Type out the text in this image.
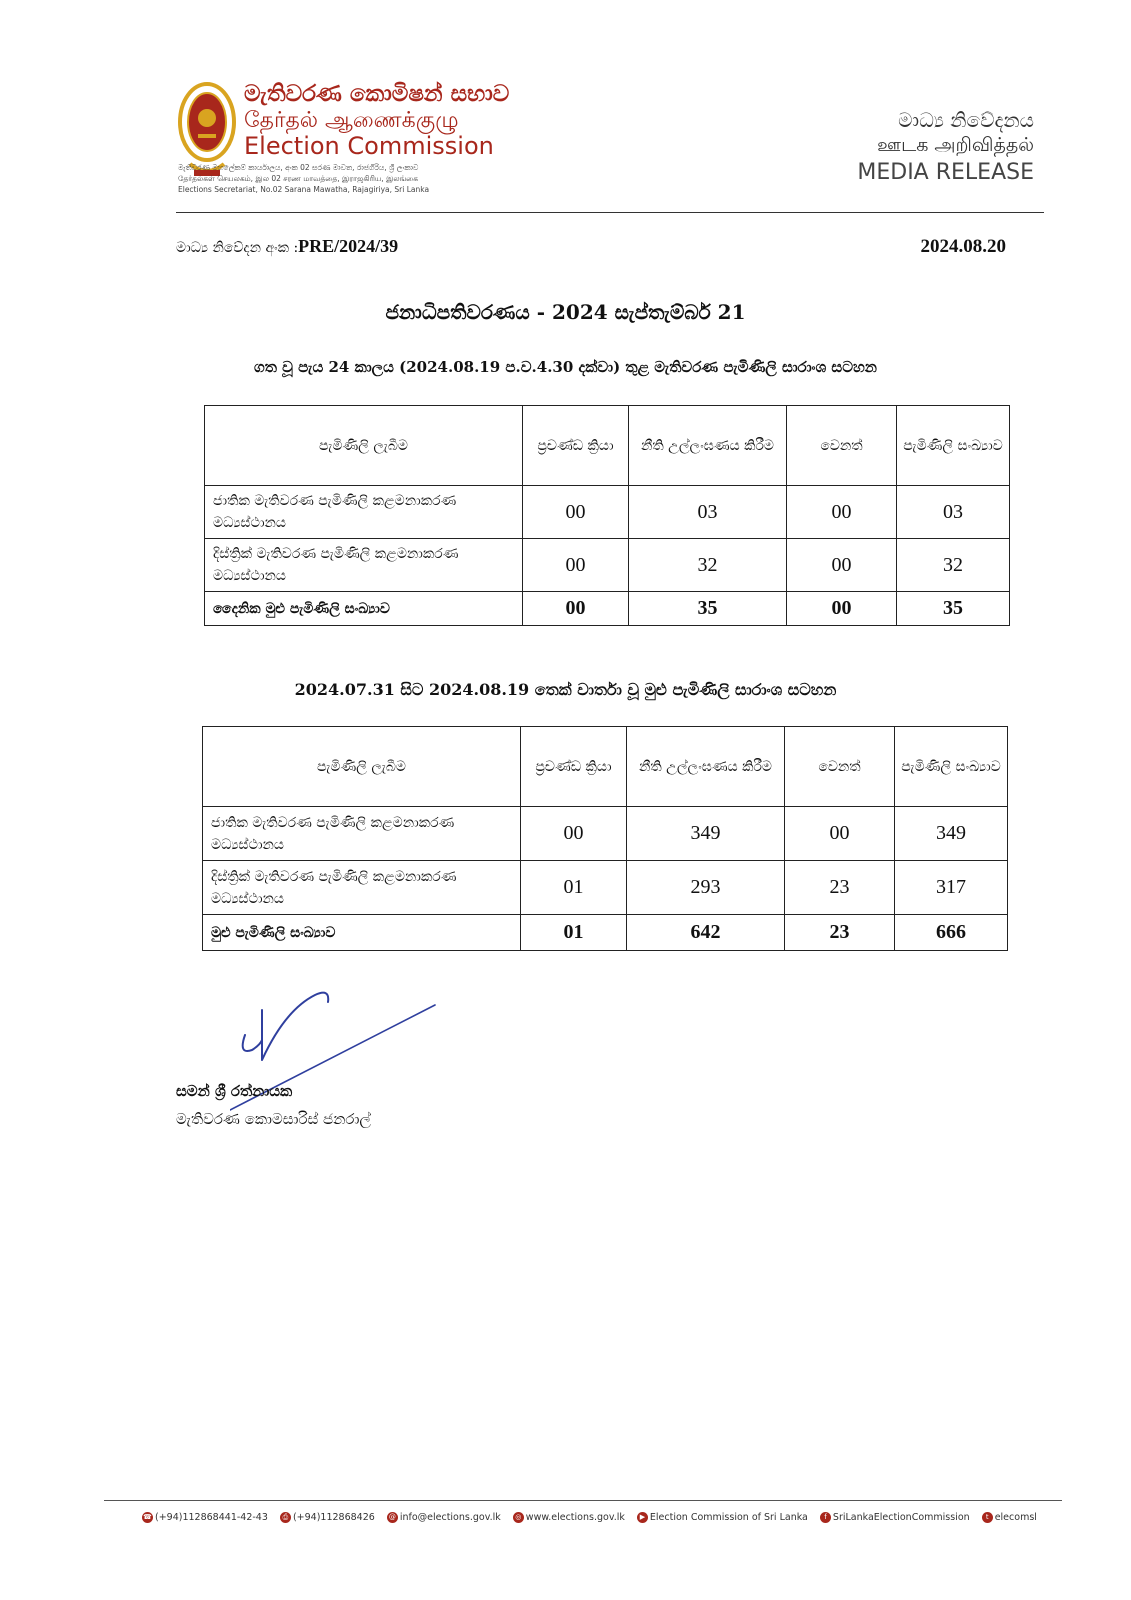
මැතිවරණ කොමිෂන් සභාව
தேர்தல் ஆணைக்குழு
Election Commission
මැතිවරණ මහලේකම් කාර්යාලය, අංක 02 සරණ මාවත, රාජගිරිය, ශ්‍රී ලංකාව
தேர்தல்கள் செயலகம், இல 02 சரண மாவத்தை, இராஜகிரிய, இலங்கை
Elections Secretariat, No.02 Sarana Mawatha, Rajagiriya, Sri Lanka
මාධ්‍ය නිවේදනය
ஊடக அறிவித்தல்
MEDIA RELEASE
මාධ්‍ය නිවේදන අංක :PRE/2024/39	2024.08.20
ජනාධිපතිවරණය - 2024 සැප්තැම්බර් 21
ගත වූ පැය 24 කාලය (2024.08.19 ප.ව.4.30 දක්වා) තුළ මැතිවරණ පැමිණිලි සාරාංශ සටහන
පැමිණිලි ලැබීම	ප්‍රචණ්ඩ ක්‍රියා	නීති උල්ලංඝණය කිරීම	වෙනත්	පැමිණිලි සංඛ්‍යාව
ජාතික මැතිවරණ පැමිණිලි කළමනාකරණ මධ්‍යස්ථානය	00	03	00	03
දිස්ත්‍රික් මැතිවරණ පැමිණිලි කළමනාකරණ මධ්‍යස්ථානය	00	32	00	32
දෛනික මුළු පැමිණිලි සංඛ්‍යාව	00	35	00	35
2024.07.31 සිට 2024.08.19 තෙක් වාර්තා වූ මුළු පැමිණිලි සාරාංශ සටහන
පැමිණිලි ලැබීම	ප්‍රචණ්ඩ ක්‍රියා	නීති උල්ලංඝණය කිරීම	වෙනත්	පැමිණිලි සංඛ්‍යාව
ජාතික මැතිවරණ පැමිණිලි කළමනාකරණ මධ්‍යස්ථානය	00	349	00	349
දිස්ත්‍රික් මැතිවරණ පැමිණිලි කළමනාකරණ මධ්‍යස්ථානය	01	293	23	317
මුළු පැමිණිලි සංඛ්‍යාව	01	642	23	666
සමන් ශ්‍රී රත්නායක
මැතිවරණ කොමසාරිස් ජනරාල්
☎ (+94)112868441-42-43 ⎙ (+94)112868426 @ info@elections.gov.lk ◎ www.elections.gov.lk ▶ Election Commission of Sri Lanka f SriLankaElectionCommission t elecomsl
